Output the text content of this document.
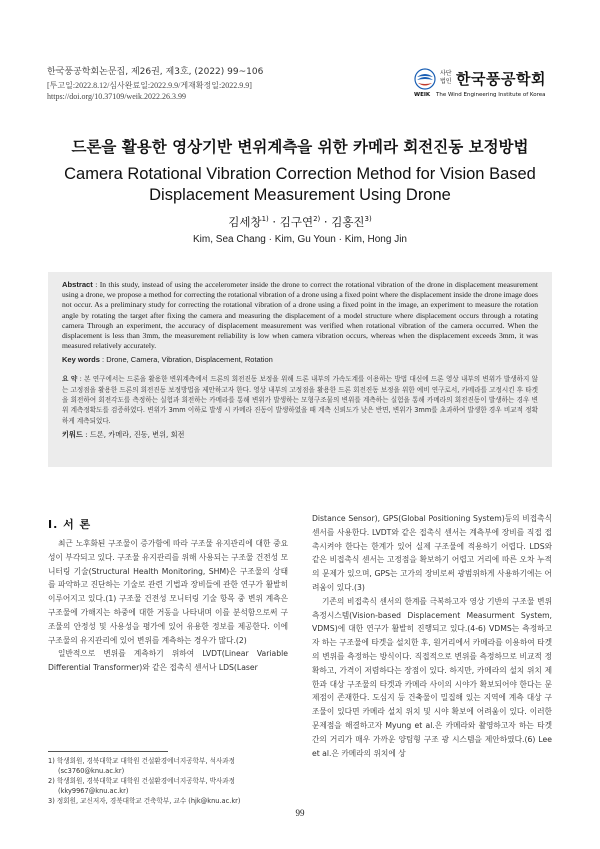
한국풍공학회논문집, 제26권, 제3호, (2022) 99~106
[투고일:2022.8.12/심사완료일:2022.9.9/게재확정일:2022.9.9]
https://doi.org/10.37109/weik.2022.26.3.99
사단
법인 한국풍공학회
WEIK The Wind Engineering Institute of Korea
드론을 활용한 영상기반 변위계측을 위한 카메라 회전진동 보정방법
Camera Rotational Vibration Correction Method for Vision Based Displacement Measurement Using Drone
김세창$^{1)}$ · 김구연$^{2)}$ · 김홍진$^{3)}$
Kim, Sea Chang · Kim, Gu Youn · Kim, Hong Jin
Abstract : In this study, instead of using the accelerometer inside the drone to correct the rotational vibration of the drone in displacement measurement using a drone, we propose a method for correcting the rotational vibration of a drone using a fixed point where the displacement inside the drone image does not occur. As a preliminary study for correcting the rotational vibration of a drone using a fixed point in the image, an experiment to measure the rotation angle by rotating the target after fixing the camera and measuring the displacement of a model structure where displacement occurs through a rotating camera Through an experiment, the accuracy of displacement measurement was verified when rotational vibration of the camera occurred. When the displacement is less than 3mm, the measurement reliability is low when camera vibration occurs, whereas when the displacement exceeds 3mm, it was measured relatively accurately.
Key words : Drone, Camera, Vibration, Displacement, Rotation
요 약 : 본 연구에서는 드론을 활용한 변위계측에서 드론의 회전진동 보정을 위해 드론 내부의 가속도계를 이용하는 방법 대신에 드론 영상 내부의 변위가 발생하지 않는 고정점을 활용한 드론의 회전진동 보정방법을 제안하고자 한다. 영상 내부의 고정점을 활용한 드론 회전진동 보정을 위한 예비 연구로서, 카메라를 고정시킨 후 타겟을 회전하여 회전각도를 측정하는 실험과 회전하는 카메라를 통해 변위가 발생하는 모형구조물의 변위를 계측하는 실험을 통해 카메라의 회전진동이 발생하는 경우 변위 계측정확도를 검증하였다. 변위가 3mm 이하로 발생 시 카메라 진동이 발생하였을 때 계측 신뢰도가 낮은 반면, 변위가 3mm를 초과하여 발생한 경우 비교적 정확하게 계측되었다.
키워드 : 드론, 카메라, 진동, 변위, 회전
I. 서 론

최근 노후화된 구조물이 증가함에 따라 구조물 유지관리에 대한 중요성이 부각되고 있다. 구조물 유지관리를 위해 사용되는 구조물 건전성 모니터링 기술(Structural Health Monitoring, SHM)은 구조물의 상태를 파악하고 진단하는 기술로 관련 기법과 장비들에 관한 연구가 활발히 이루어지고 있다.(1) 구조물 건전성 모니터링 기술 항목 중 변위 계측은 구조물에 가해지는 하중에 대한 거동을 나타내며 이를 분석함으로써 구조물의 안정성 및 사용성을 평가에 있어 유용한 정보를 제공한다. 이에 구조물의 유지관리에 있어 변위를 계측하는 경우가 많다.(2)

일반적으로 변위를 계측하기 위하여 LVDT(Linear Variable Differential Transformer)와 같은 접촉식 센서나 LDS(Laser

Distance Sensor), GPS(Global Positioning System)등의 비접촉식 센서를 사용한다. LVDT와 같은 접촉식 센서는 계측부에 장비를 직접 접촉시켜야 한다는 한계가 있어 실제 구조물에 적용하기 어렵다. LDS와 같은 비접촉식 센서는 고정점을 확보하기 어렵고 거리에 따른 오차 누적의 문제가 있으며, GPS는 고가의 장비로써 광범위하게 사용하기에는 어려움이 있다.(3)

기존의 비접촉식 센서의 한계를 극복하고자 영상 기반의 구조물 변위 측정시스템(Vision-based Displacement Measurment System, VDMS)에 대한 연구가 활발히 진행되고 있다.(4-6) VDMS는 측정하고자 하는 구조물에 타겟을 설치한 후, 원거리에서 카메라를 이용하여 타겟의 변위를 측정하는 방식이다. 직접적으로 변위를 측정하므로 비교적 정확하고, 가격이 저렴하다는 장점이 있다. 하지만, 카메라의 설치 위치 제한과 대상 구조물의 타겟과 카메라 사이의 시야가 확보되어야 한다는 문제점이 존재한다. 도심지 등 건축물이 밀집해 있는 지역에 계측 대상 구조물이 있다면 카메라 설치 위치 및 시야 확보에 어려움이 있다. 이러한 문제점을 해결하고자 Myung et al.은 카메라와 촬영하고자 하는 타겟 간의 거리가 매우 가까운 양팀형 구조 광 시스템을 제안하였다.(6) Lee et al.은 카메라의 위치에 상

1) 학생회원, 경북대학교 대학원 건설환경에너지공학부, 석사과정 (sc3760@knu.ac.kr)
2) 학생회원, 경북대학교 대학원 건설환경에너지공학부, 박사과정 (kky9967@knu.ac.kr)
3) 정회원, 교신저자, 경북대학교 건축학부, 교수 (hjk@knu.ac.kr)
99
